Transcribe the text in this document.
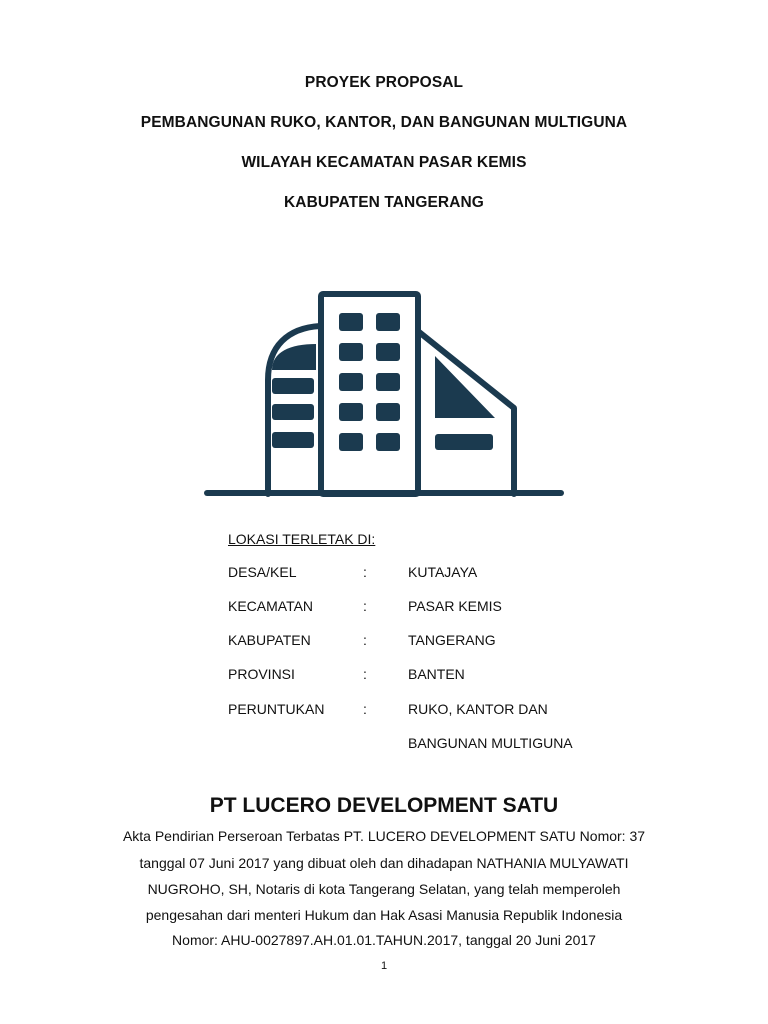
PROYEK PROPOSAL
PEMBANGUNAN RUKO, KANTOR, DAN BANGUNAN MULTIGUNA
WILAYAH KECAMATAN PASAR KEMIS
KABUPATEN TANGERANG
LOKASI TERLETAK DI:
DESA/KEL	:	KUTAJAYA
KECAMATAN	:	PASAR KEMIS
KABUPATEN	:	TANGERANG
PROVINSI	:	BANTEN
PERUNTUKAN	:	RUKO, KANTOR DAN
BANGUNAN MULTIGUNA
PT LUCERO DEVELOPMENT SATU
Akta Pendirian Perseroan Terbatas PT. LUCERO DEVELOPMENT SATU Nomor: 37
tanggal 07 Juni 2017 yang dibuat oleh dan dihadapan NATHANIA MULYAWATI
NUGROHO, SH, Notaris di kota Tangerang Selatan, yang telah memperoleh
pengesahan dari menteri Hukum dan Hak Asasi Manusia Republik Indonesia
Nomor: AHU-0027897.AH.01.01.TAHUN.2017, tanggal 20 Juni 2017
1
